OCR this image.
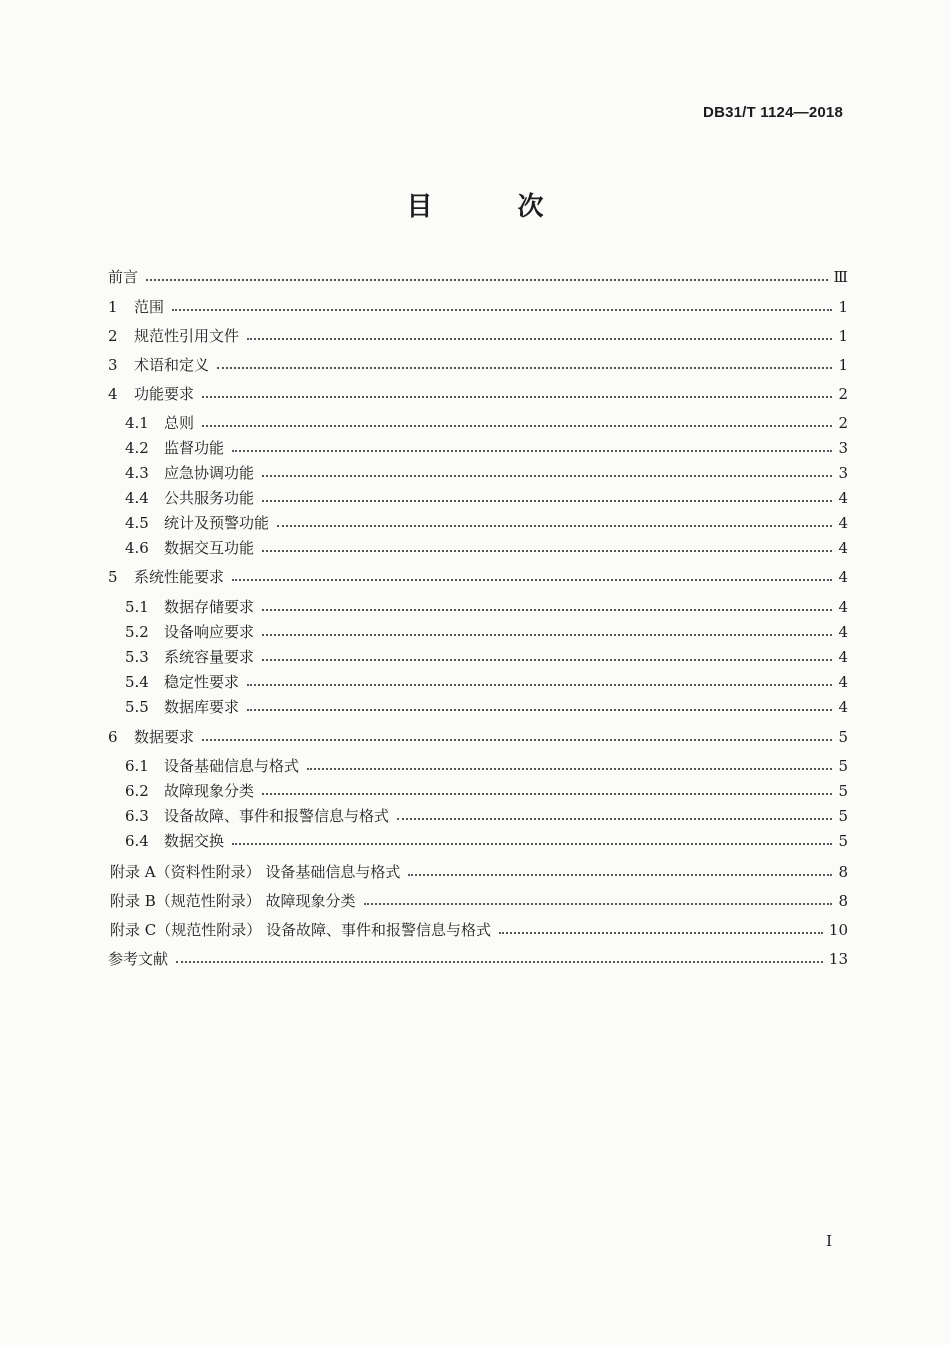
DB31/T 1124—2018
目 次
前言	Ⅲ
1	范围	1
2	规范性引用文件	1
3	术语和定义	1
4	功能要求	2
4.1	总则	2
4.2	监督功能	3
4.3	应急协调功能	3
4.4	公共服务功能	4
4.5	统计及预警功能	4
4.6	数据交互功能	4
5	系统性能要求	4
5.1	数据存储要求	4
5.2	设备响应要求	4
5.3	系统容量要求	4
5.4	稳定性要求	4
5.5	数据库要求	4
6	数据要求	5
6.1	设备基础信息与格式	5
6.2	故障现象分类	5
6.3	设备故障、事件和报警信息与格式	5
6.4	数据交换	5
附录 A（资料性附录） 设备基础信息与格式	8
附录 B（规范性附录） 故障现象分类	8
附录 C（规范性附录） 设备故障、事件和报警信息与格式	10
参考文献	13
I
